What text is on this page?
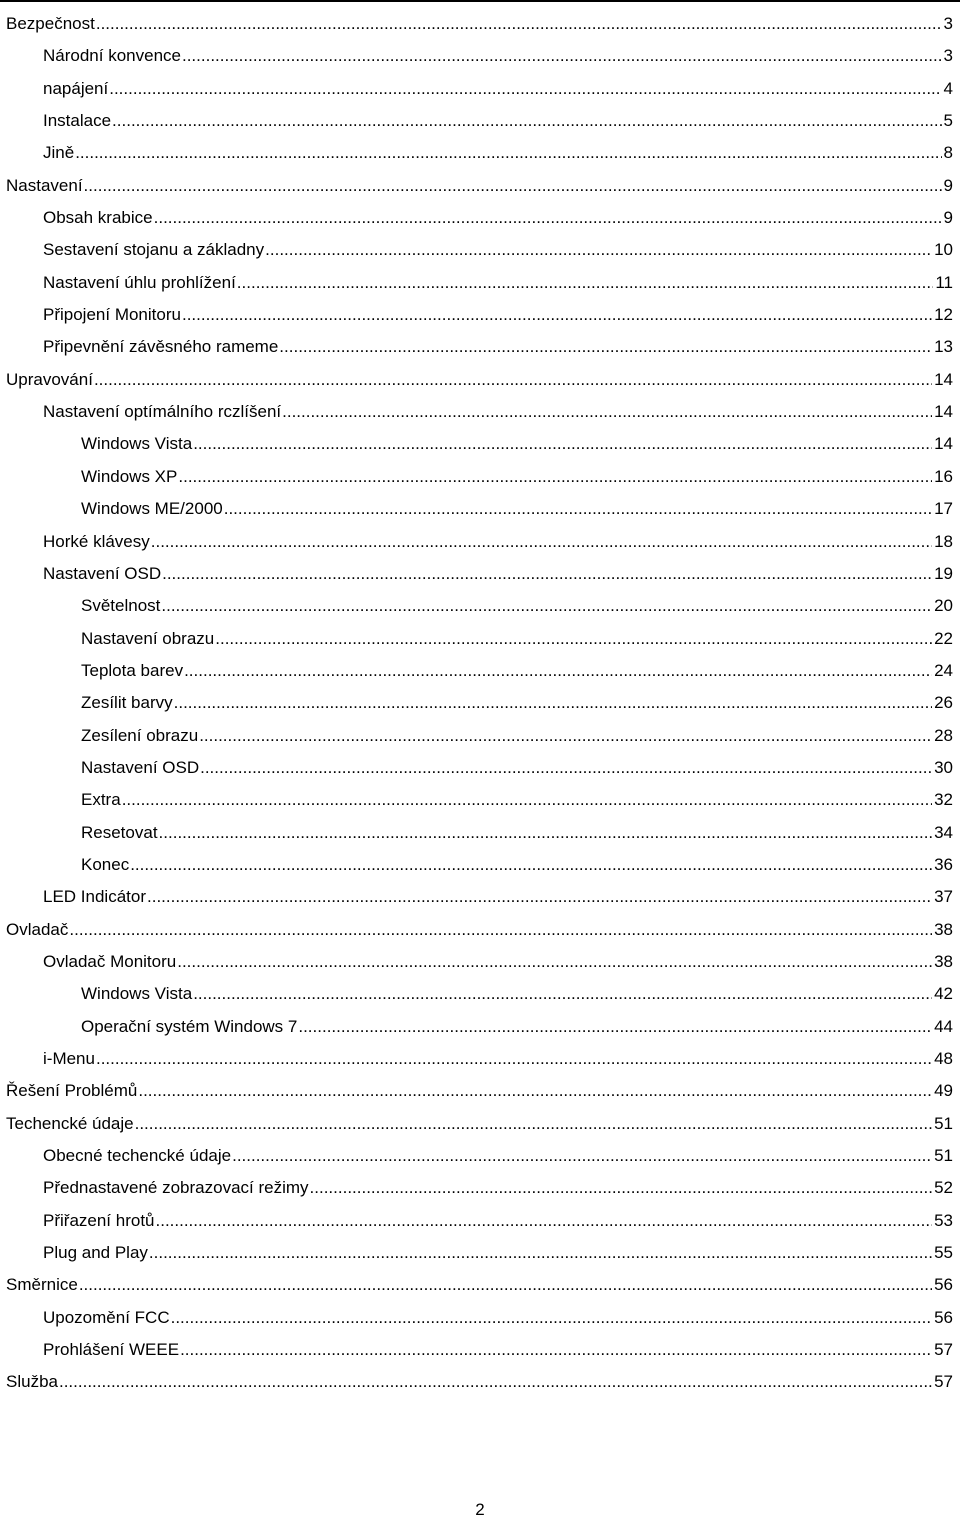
Bezpečnost .....	3
Národní konvence .....	3
napájení .....	4
Instalace .....	5
Jině .....	8
Nastavení .....	9
Obsah krabice .....	9
Sestavení stojanu a základny .....	10
Nastavení úhlu prohlížení .....	11
Připojení Monitoru .....	12
Připevnění závěsného rameme .....	13
Upravování .....	14
Nastavení optímálního rczlíšení .....	14
Windows Vista .....	14
Windows XP .....	16
Windows ME/2000 .....	17
Horké klávesy .....	18
Nastavení OSD .....	19
Světelnost .....	20
Nastavení obrazu .....	22
Teplota barev .....	24
Zesílit barvy .....	26
Zesílení obrazu .....	28
Nastavení OSD .....	30
Extra .....	32
Resetovat .....	34
Konec .....	36
LED Indicátor .....	37
Ovladač .....	38
Ovladač Monitoru .....	38
Windows Vista .....	42
Operační systém Windows 7 .....	44
i-Menu .....	48
Řešení Problémů .....	49
Techencké údaje .....	51
Obecné techencké údaje .....	51
Přednastavené zobrazovací režimy .....	52
Přiřazení hrotů .....	53
Plug and Play .....	55
Směrnice .....	56
Upozomění FCC .....	56
Prohlášení WEEE .....	57
Služba .....	57
2
